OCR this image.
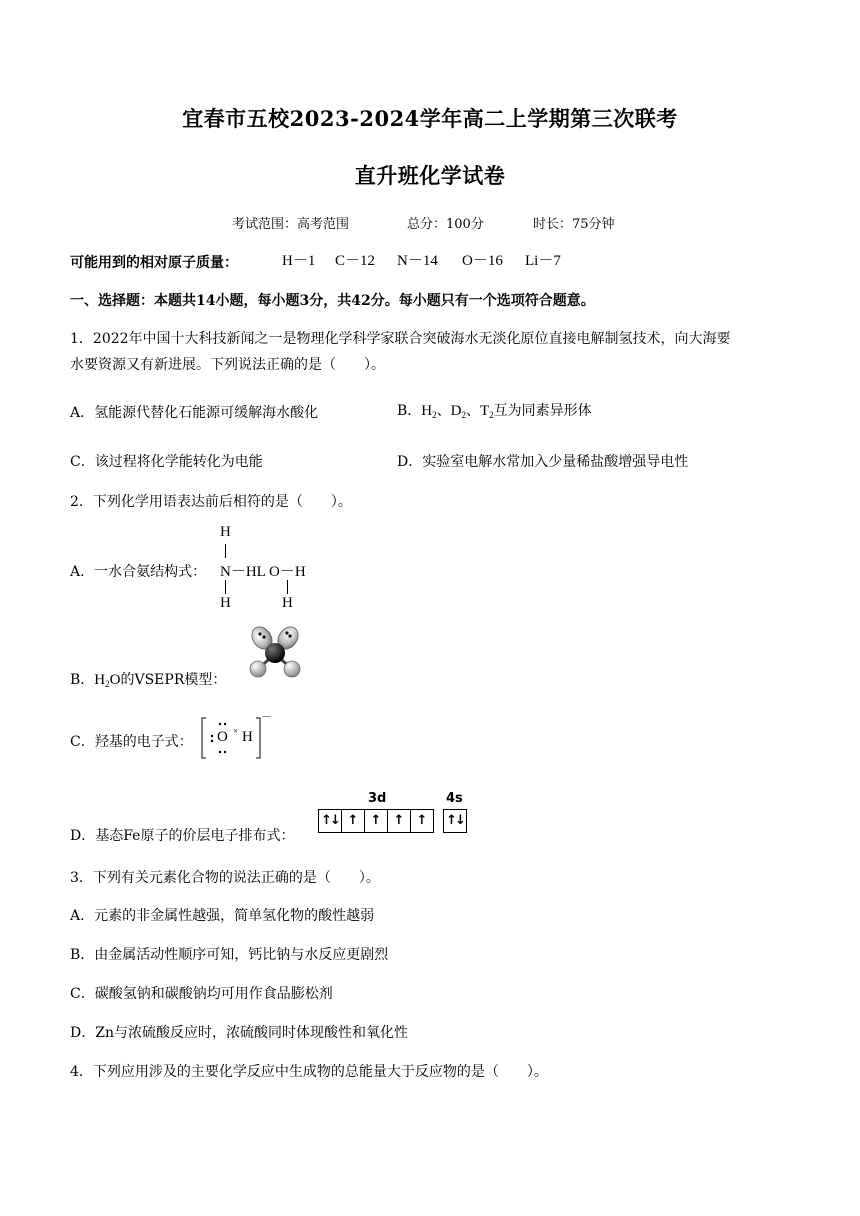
宜春市五校2023-2024学年高二上学期第三次联考
直升班化学试卷
考试范围：高考范围	总分：100分	时长：75分钟
可能用到的相对原子质量：	H－1 C－12 N－14 O－16 Li－7
一、选择题：本题共14小题，每小题3分，共42分。每小题只有一个选项符合题意。
1．2022年中国十大科技新闻之一是物理化学科学家联合突破海水无淡化原位直接电解制氢技术，向大海要
水要资源又有新进展。下列说法正确的是（　　）。
A．氢能源代替化石能源可缓解海水酸化	B．$H_2$、$D_2$、$T_2$互为同素异形体
C．该过程将化学能转化为电能	D．实验室电解水常加入少量稀盐酸增强导电性
2．下列化学用语表达前后相符的是（　　）。
A．一水合氨结构式：
H
N－HL O－H
H	H
B．$H_2O$的VSEPR模型：
C．羟基的电子式：
×
O H
－
D．基态Fe原子的价层电子排布式：
3d	4s
↑↓ ↑ ↑ ↑ ↑	↑↓
3．下列有关元素化合物的说法正确的是（　　）。
A．元素的非金属性越强，简单氢化物的酸性越弱
B．由金属活动性顺序可知，钙比钠与水反应更剧烈
C．碳酸氢钠和碳酸钠均可用作食品膨松剂
D．Zn与浓硫酸反应时，浓硫酸同时体现酸性和氧化性
4．下列应用涉及的主要化学反应中生成物的总能量大于反应物的是（　　）。
